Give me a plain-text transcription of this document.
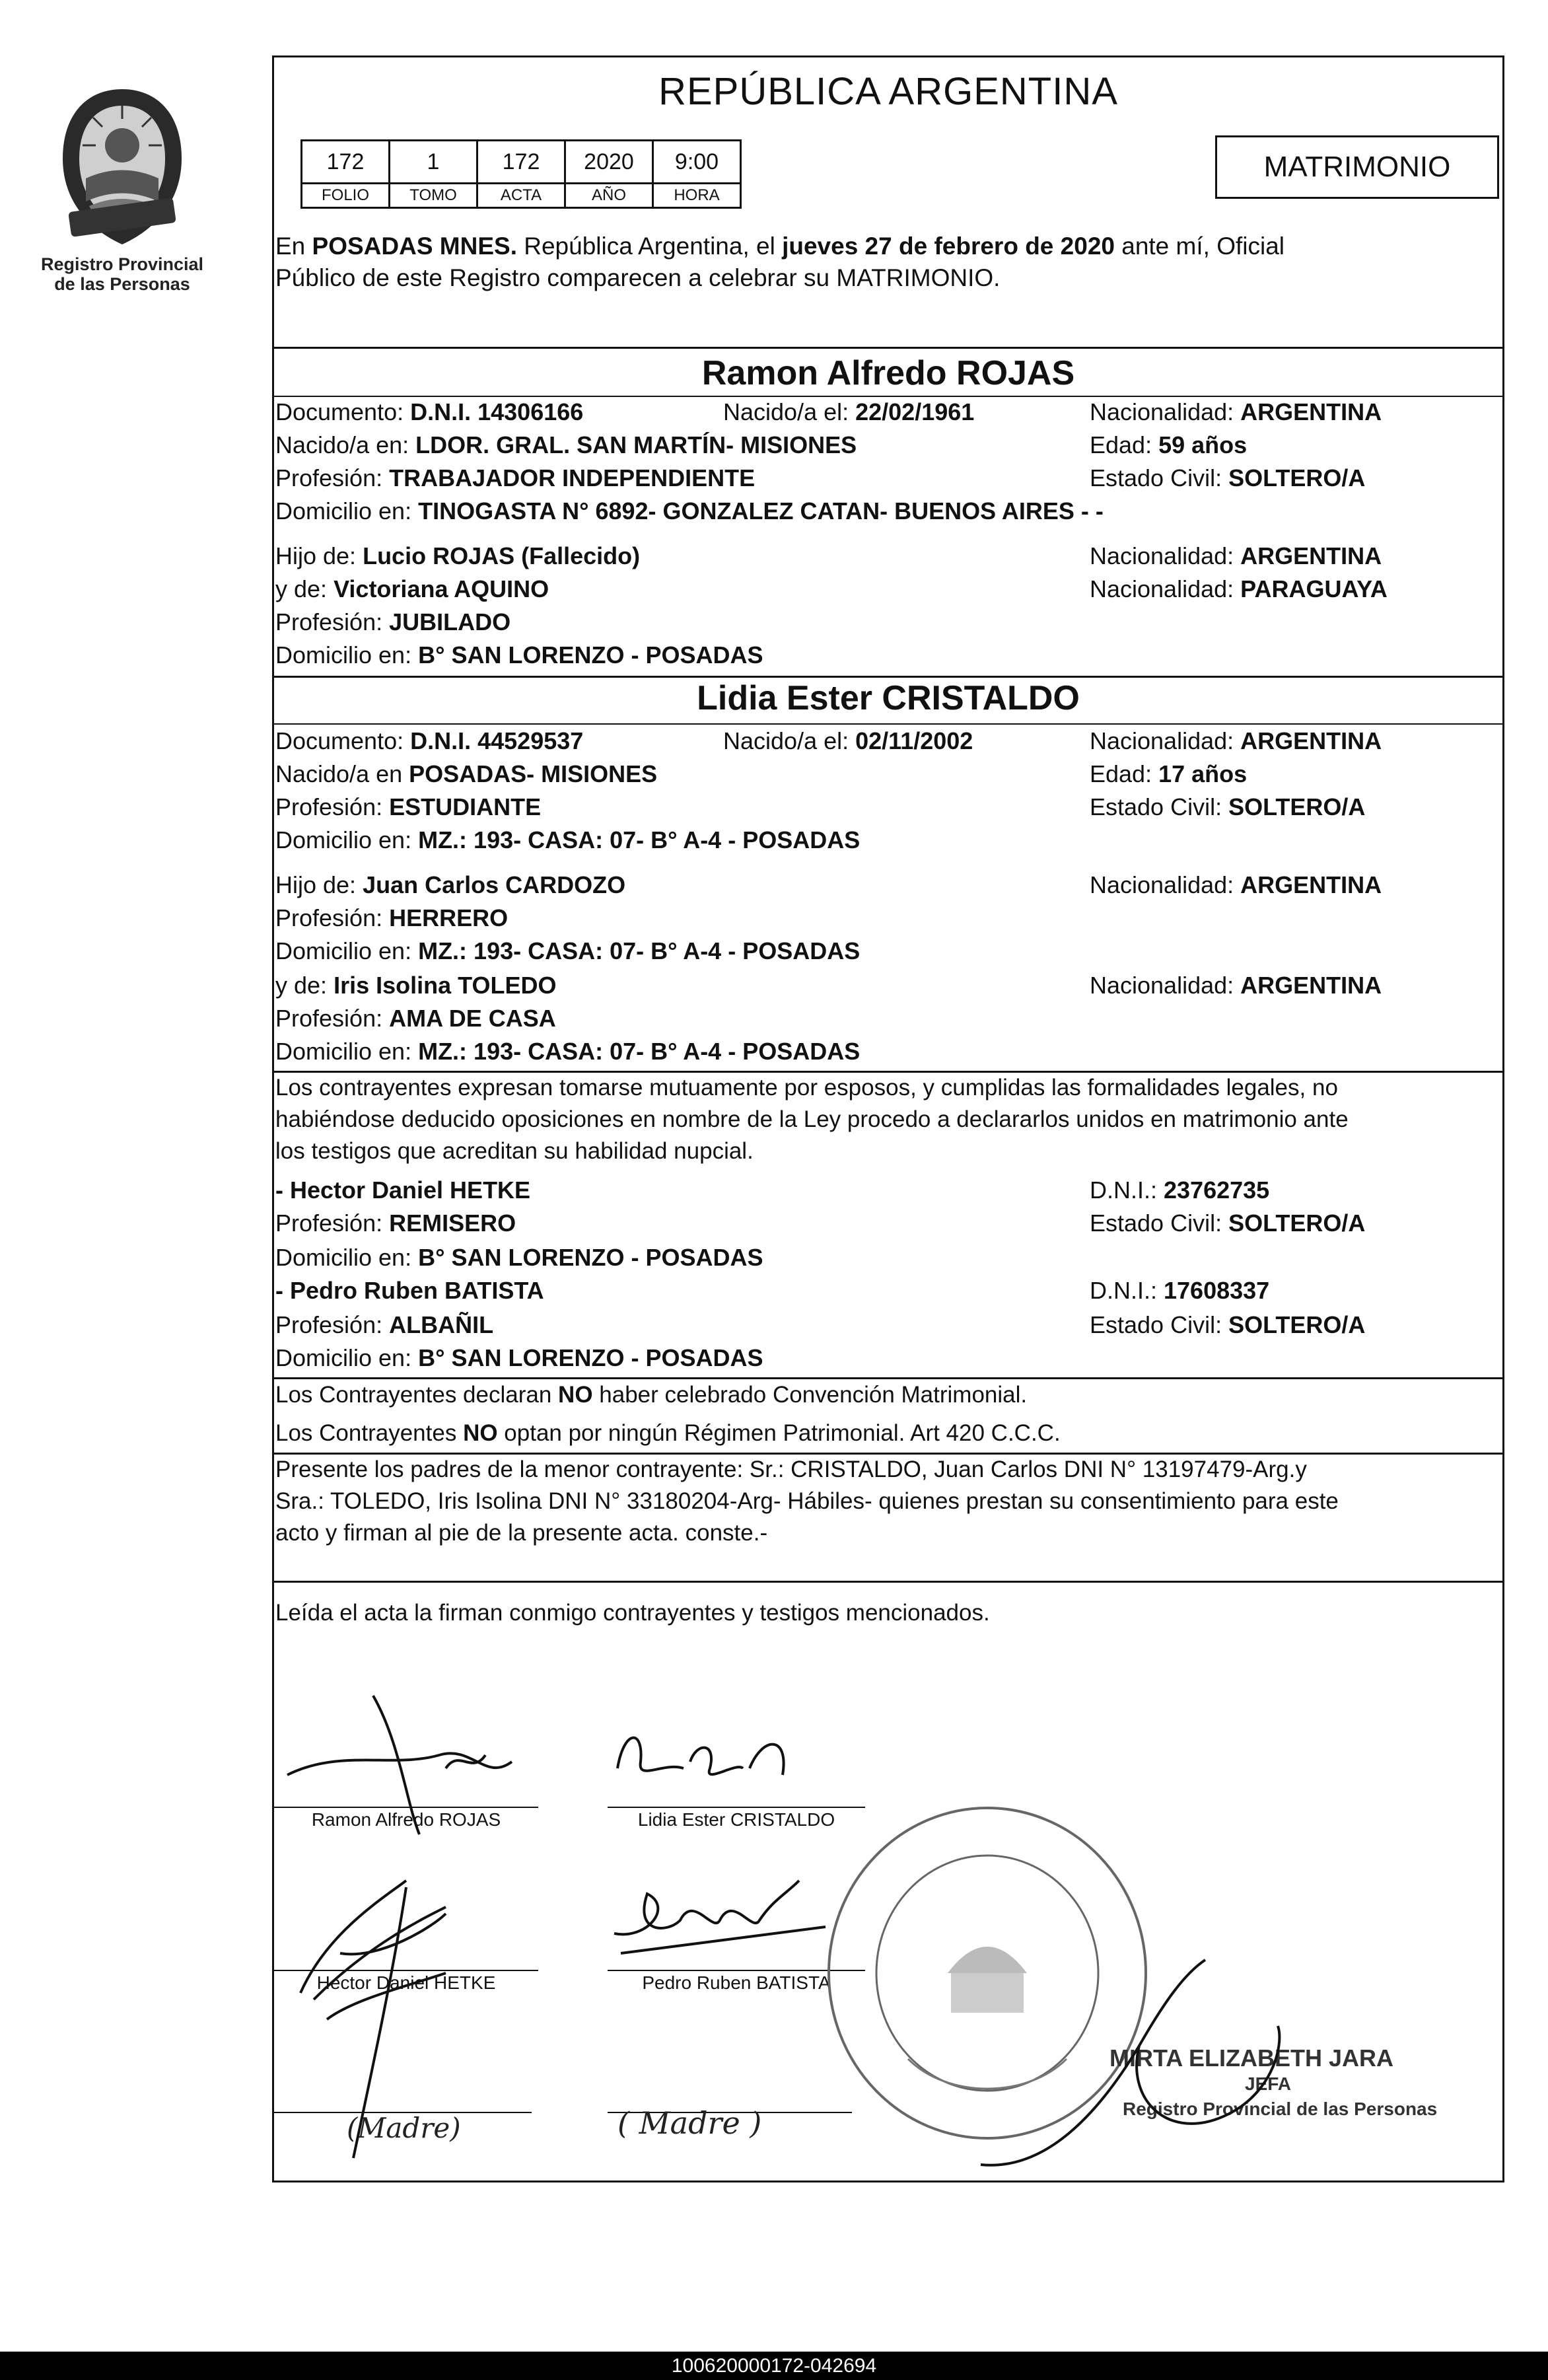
Registro Provincial
de las Personas
REPÚBLICA ARGENTINA
172	1	172	2020	9:00
FOLIO	TOMO	ACTA	AÑO	HORA
MATRIMONIO
En POSADAS MNES. República Argentina, el jueves 27 de febrero de 2020 ante mí, Oficial
Público de este Registro comparecen a celebrar su MATRIMONIO.
Ramon Alfredo ROJAS
Documento: D.N.I. 14306166	Nacido/a el: 22/02/1961	Nacionalidad: ARGENTINA
Nacido/a en: LDOR. GRAL. SAN MARTÍN- MISIONES	Edad: 59 años
Profesión: TRABAJADOR INDEPENDIENTE	Estado Civil: SOLTERO/A
Domicilio en: TINOGASTA N° 6892- GONZALEZ CATAN- BUENOS AIRES - -
Hijo de: Lucio ROJAS (Fallecido)	Nacionalidad: ARGENTINA
y de: Victoriana AQUINO	Nacionalidad: PARAGUAYA
Profesión: JUBILADO
Domicilio en: B° SAN LORENZO - POSADAS
Lidia Ester CRISTALDO
Documento: D.N.I. 44529537	Nacido/a el: 02/11/2002	Nacionalidad: ARGENTINA
Nacido/a en POSADAS- MISIONES	Edad: 17 años
Profesión: ESTUDIANTE	Estado Civil: SOLTERO/A
Domicilio en: MZ.: 193- CASA: 07- B° A-4 - POSADAS
Hijo de: Juan Carlos CARDOZO	Nacionalidad: ARGENTINA
Profesión: HERRERO
Domicilio en: MZ.: 193- CASA: 07- B° A-4 - POSADAS
y de: Iris Isolina TOLEDO	Nacionalidad: ARGENTINA
Profesión: AMA DE CASA
Domicilio en: MZ.: 193- CASA: 07- B° A-4 - POSADAS
Los contrayentes expresan tomarse mutuamente por esposos, y cumplidas las formalidades legales, no
habiéndose deducido oposiciones en nombre de la Ley procedo a declararlos unidos en matrimonio ante
los testigos que acreditan su habilidad nupcial.
- Hector Daniel HETKE	D.N.I.: 23762735
Profesión: REMISERO	Estado Civil: SOLTERO/A
Domicilio en: B° SAN LORENZO - POSADAS
- Pedro Ruben BATISTA	D.N.I.: 17608337
Profesión: ALBAÑIL	Estado Civil: SOLTERO/A
Domicilio en: B° SAN LORENZO - POSADAS
Los Contrayentes declaran NO haber celebrado Convención Matrimonial.
Los Contrayentes NO optan por ningún Régimen Patrimonial. Art 420 C.C.C.
Presente los padres de la menor contrayente: Sr.: CRISTALDO, Juan Carlos DNI N° 13197479-Arg.y
Sra.: TOLEDO, Iris Isolina DNI N° 33180204-Arg- Hábiles- quienes prestan su consentimiento para este
acto y firman al pie de la presente acta. conste.-
Leída el acta la firman conmigo contrayentes y testigos mencionados.
Ramon Alfredo ROJAS	Lidia Ester CRISTALDO
Hector Daniel HETKE	Pedro Ruben BATISTA
(Madre)	( Madre )
MIRTA ELIZABETH JARA
JEFA
Registro Provincial de las Personas
100620000172-042694
